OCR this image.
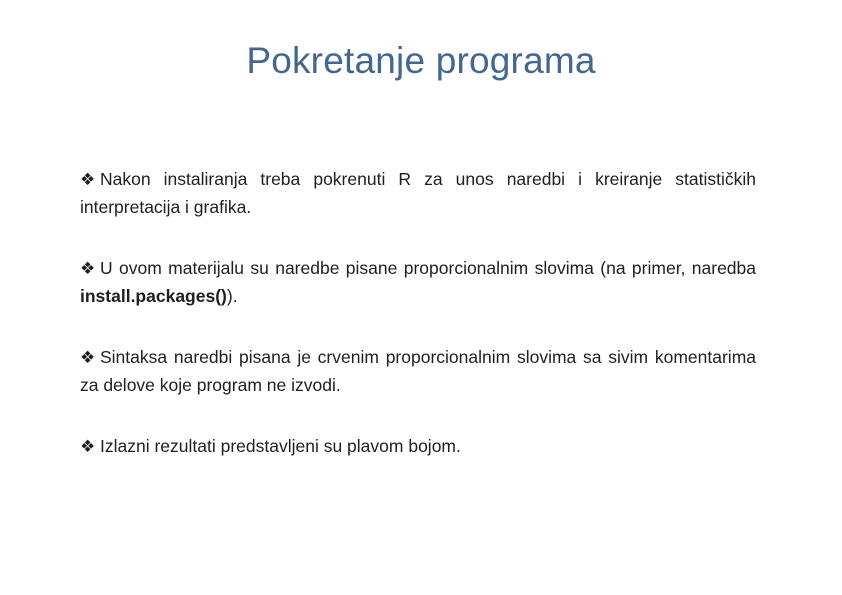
Pokretanje programa
❖ Nakon instaliranja treba pokrenuti R za unos naredbi i kreiranje statističkih interpretacija i grafika.
❖ U ovom materijalu su naredbe pisane proporcionalnim slovima (na primer, naredba install.packages()).
❖ Sintaksa naredbi pisana je crvenim proporcionalnim slovima sa sivim komentarima za delove koje program ne izvodi.
❖ Izlazni rezultati predstavljeni su plavom bojom.
